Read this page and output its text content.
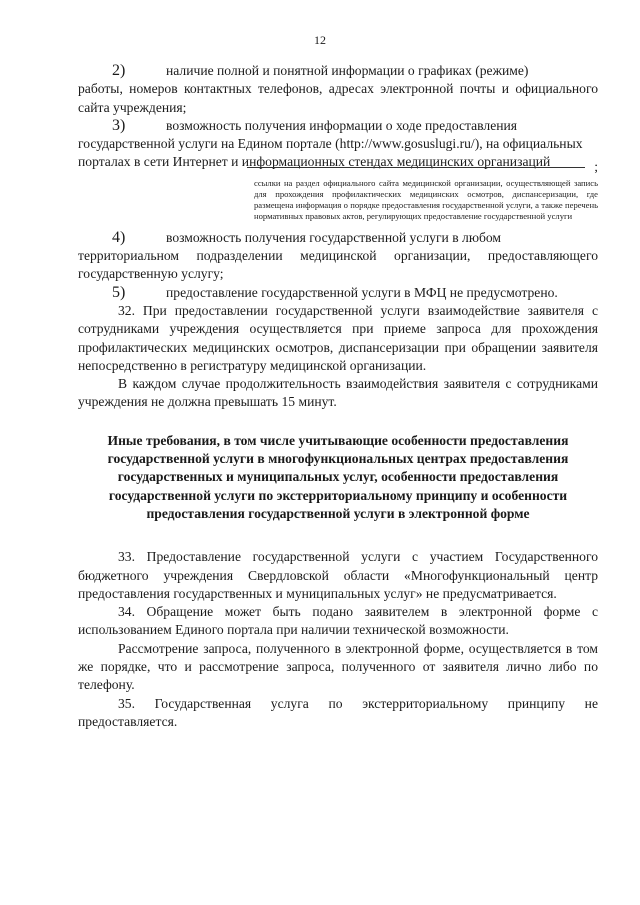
12
2)	наличие полной и понятной информации о графиках (режиме)

работы, номеров контактных телефонов, адресах электронной почты и официального сайта учреждения;

3)	возможность получения информации о ходе предоставления

государственной услуги на Едином портале (http://www.gosuslugi.ru/), на официальных порталах в сети Интернет и информационных стендах медицинских организаций	;
ссылки на раздел официального сайта медицинской организации, осуществляющей запись для прохождения профилактических медицинских осмотров, диспансеризации, где размещена информация о порядке предоставления государственной услуги, а также перечень нормативных правовых актов, регулирующих предоставление государственной услуги
4)	возможность получения государственной услуги в любом

территориальном подразделении медицинской организации, предоставляющего государственную услугу;

5)	предоставление государственной услуги в МФЦ не предусмотрено.

32. При предоставлении государственной услуги взаимодействие заявителя с сотрудниками учреждения осуществляется при приеме запроса для прохождения профилактических медицинских осмотров, диспансеризации при обращении заявителя непосредственно в регистратуру медицинской организации.

В каждом случае продолжительность взаимодействия заявителя с сотрудниками учреждения не должна превышать 15 минут.

Иные требования, в том числе учитывающие особенности предоставления государственной услуги в многофункциональных центрах предоставления государственных и муниципальных услуг, особенности предоставления государственной услуги по экстерриториальному принципу и особенности предоставления государственной услуги в электронной форме

33. Предоставление государственной услуги с участием Государственного бюджетного учреждения Свердловской области «Многофункциональный центр предоставления государственных и муниципальных услуг» не предусматривается.

34. Обращение может быть подано заявителем в электронной форме с использованием Единого портала при наличии технической возможности.

Рассмотрение запроса, полученного в электронной форме, осуществляется в том же порядке, что и рассмотрение запроса, полученного от заявителя лично либо по телефону.

35. Государственная услуга по экстерриториальному принципу не предоставляется.
